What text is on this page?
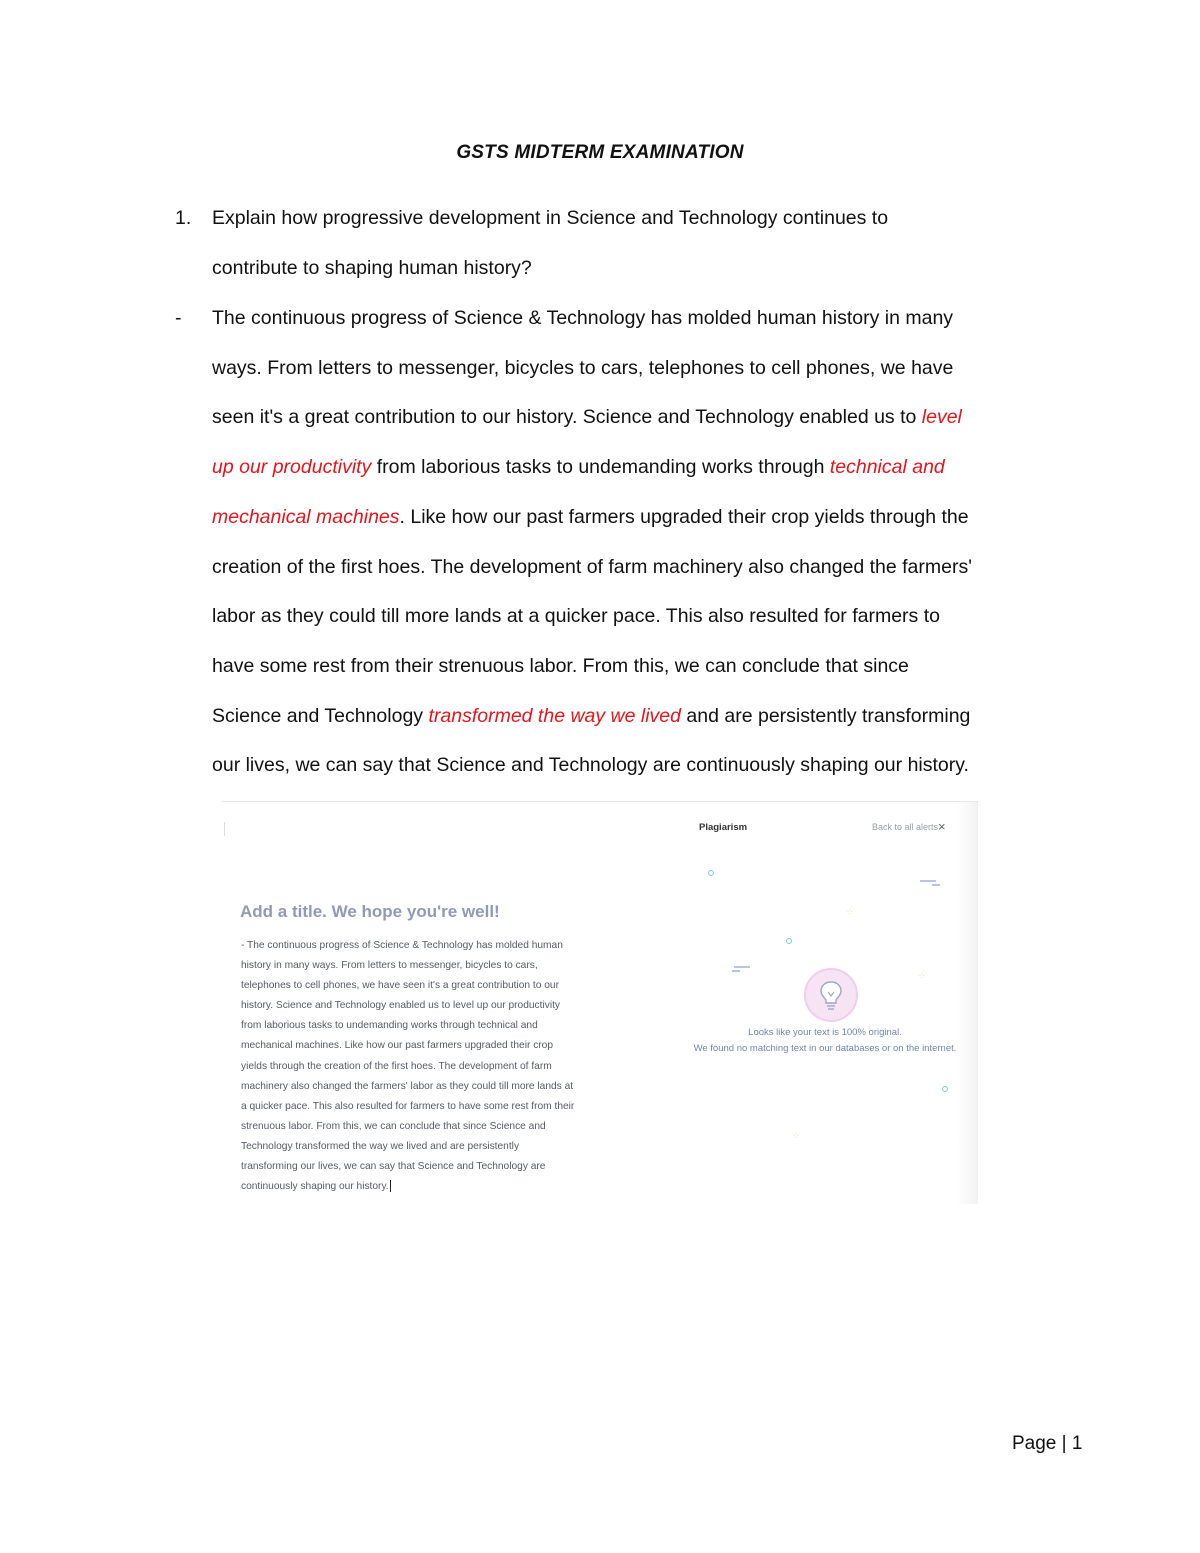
GSTS MIDTERM EXAMINATION
1.	Explain how progressive development in Science and Technology continues to
contribute to shaping human history?
-	The continuous progress of Science & Technology has molded human history in many
ways. From letters to messenger, bicycles to cars, telephones to cell phones, we have
seen it's a great contribution to our history. Science and Technology enabled us to level
up our productivity from laborious tasks to undemanding works through technical and
mechanical machines. Like how our past farmers upgraded their crop yields through the
creation of the first hoes. The development of farm machinery also changed the farmers'
labor as they could till more lands at a quicker pace. This also resulted for farmers to
have some rest from their strenuous labor. From this, we can conclude that since
Science and Technology transformed the way we lived and are persistently transforming
our lives, we can say that Science and Technology are continuously shaping our history.
Add a title. We hope you're well!
- The continuous progress of Science & Technology has molded human
history in many ways. From letters to messenger, bicycles to cars,
telephones to cell phones, we have seen it's a great contribution to our
history. Science and Technology enabled us to level up our productivity
from laborious tasks to undemanding works through technical and
mechanical machines. Like how our past farmers upgraded their crop
yields through the creation of the first hoes. The development of farm
machinery also changed the farmers' labor as they could till more lands at
a quicker pace. This also resulted for farmers to have some rest from their
strenuous labor. From this, we can conclude that since Science and
Technology transformed the way we lived and are persistently
transforming our lives, we can say that Science and Technology are
continuously shaping our history.
Plagiarism	Back to all alerts ×
⁘
⁘
⁘
Looks like your text is 100% original.
We found no matching text in our databases or on the internet.
Page | 1
